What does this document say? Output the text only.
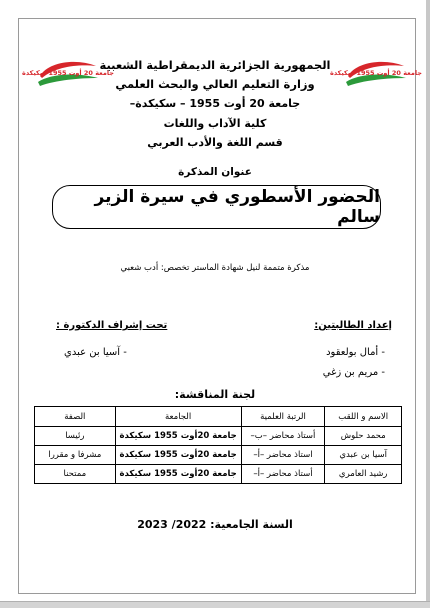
جامعة 20 أوت 1955 سكيكدة	جامعة 20 أوت 1955 سكيكدة
الجمهورية الجزائرية الديمقراطية الشعبية
وزارة التعليم العالي والبحث العلمي
جامعة 20 أوت 1955 – سكيكدة–
كلية الآداب واللغات
قسم اللغة والأدب العربي
عنوان المذكرة
الحضور الأسطوري في سيرة الزير سالم
مذكرة متممة لنيل شهادة الماستر تخصص: أدب شعبي
إعداد الطالبتين:
- أمال بولعقود
- مريم بن زغي
تحت إشراف الدكتورة :
- آسيا بن عبدي
لجنة المناقشة:
الاسم و اللقب	الرتبة العلمية	الجامعة	الصفة
محمد حلوش	أستاذ محاضر –ب–	جامعة 20أوت 1955 سكيكدة	رئيسا
آسيا بن عبدي	استاذ محاضر –أ–	جامعة 20أوت 1955 سكيكدة	مشرفا و مقررا
رشيد العامري	أستاذ محاضر –أ–	جامعة 20أوت 1955 سكيكدة	ممتحنا
السنة الجامعية: 2022/ 2023
